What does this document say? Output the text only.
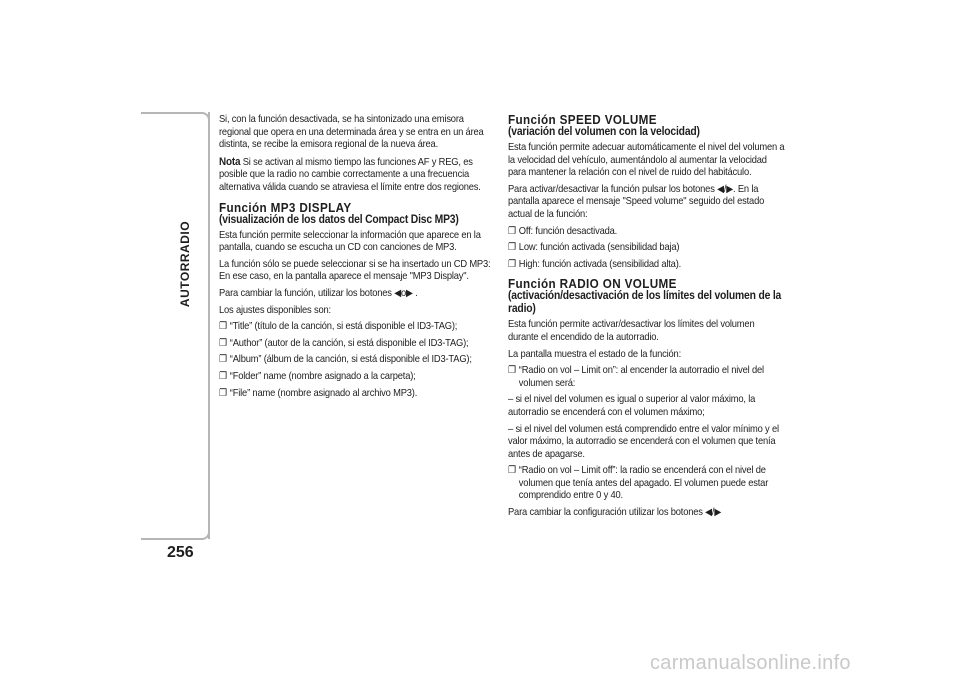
AUTORRADIO
256

Si, con la función desactivada, se ha sintonizado una emisora regional que opera en una determinada área y se entra en un área distinta, se recibe la emisora regional de la nueva área.

Nota Si se activan al mismo tiempo las funciones AF y REG, es posible que la radio no cambie correctamente a una frecuencia alternativa válida cuando se atraviesa el límite entre dos regiones.

Función MP3 DISPLAY
(visualización de los datos del Compact Disc MP3)

Esta función permite seleccionar la información que aparece en la pantalla, cuando se escucha un CD con canciones de MP3.

La función sólo se puede seleccionar si se ha insertado un CD MP3: En ese caso, en la pantalla aparece el mensaje "MP3 Display".

Para cambiar la función, utilizar los botones ◀o▶ .

Los ajustes disponibles son:

❐ “Title” (título de la canción, si está disponible el ID3-TAG);
❐ “Author” (autor de la canción, si está disponible el ID3-TAG);
❐ “Album” (álbum de la canción, si está disponible el ID3-TAG);
❐ “Folder” name (nombre asignado a la carpeta);
❐ “File” name (nombre asignado al archivo MP3).
Función SPEED VOLUME
(variación del volumen con la velocidad)

Esta función permite adecuar automáticamente el nivel del volumen a la velocidad del vehículo, aumentándolo al aumentar la velocidad para mantener la relación con el nivel de ruido del habitáculo.

Para activar/desactivar la función pulsar los botones ◀/▶. En la pantalla aparece el mensaje "Speed volume" seguido del estado actual de la función:

❐ Off: función desactivada.
❐ Low: función activada (sensibilidad baja)
❐ High: función activada (sensibilidad alta).
Función RADIO ON VOLUME
(activación/desactivación de los límites del volumen de la radio)

Esta función permite activar/desactivar los límites del volumen durante el encendido de la autorradio.

La pantalla muestra el estado de la función:

❐ “Radio on vol – Limit on”: al encender la autorradio el nivel del volumen será:

– si el nivel del volumen es igual o superior al valor máximo, la autorradio se encenderá con el volumen máximo;

– si el nivel del volumen está comprendido entre el valor mínimo y el valor máximo, la autorradio se encenderá con el volumen que tenía antes de apagarse.

❐ “Radio on vol – Limit off”: la radio se encenderá con el nivel de volumen que tenía antes del apagado. El volumen puede estar comprendido entre 0 y 40.

Para cambiar la configuración utilizar los botones ◀/▶

carmanualsonline.info
